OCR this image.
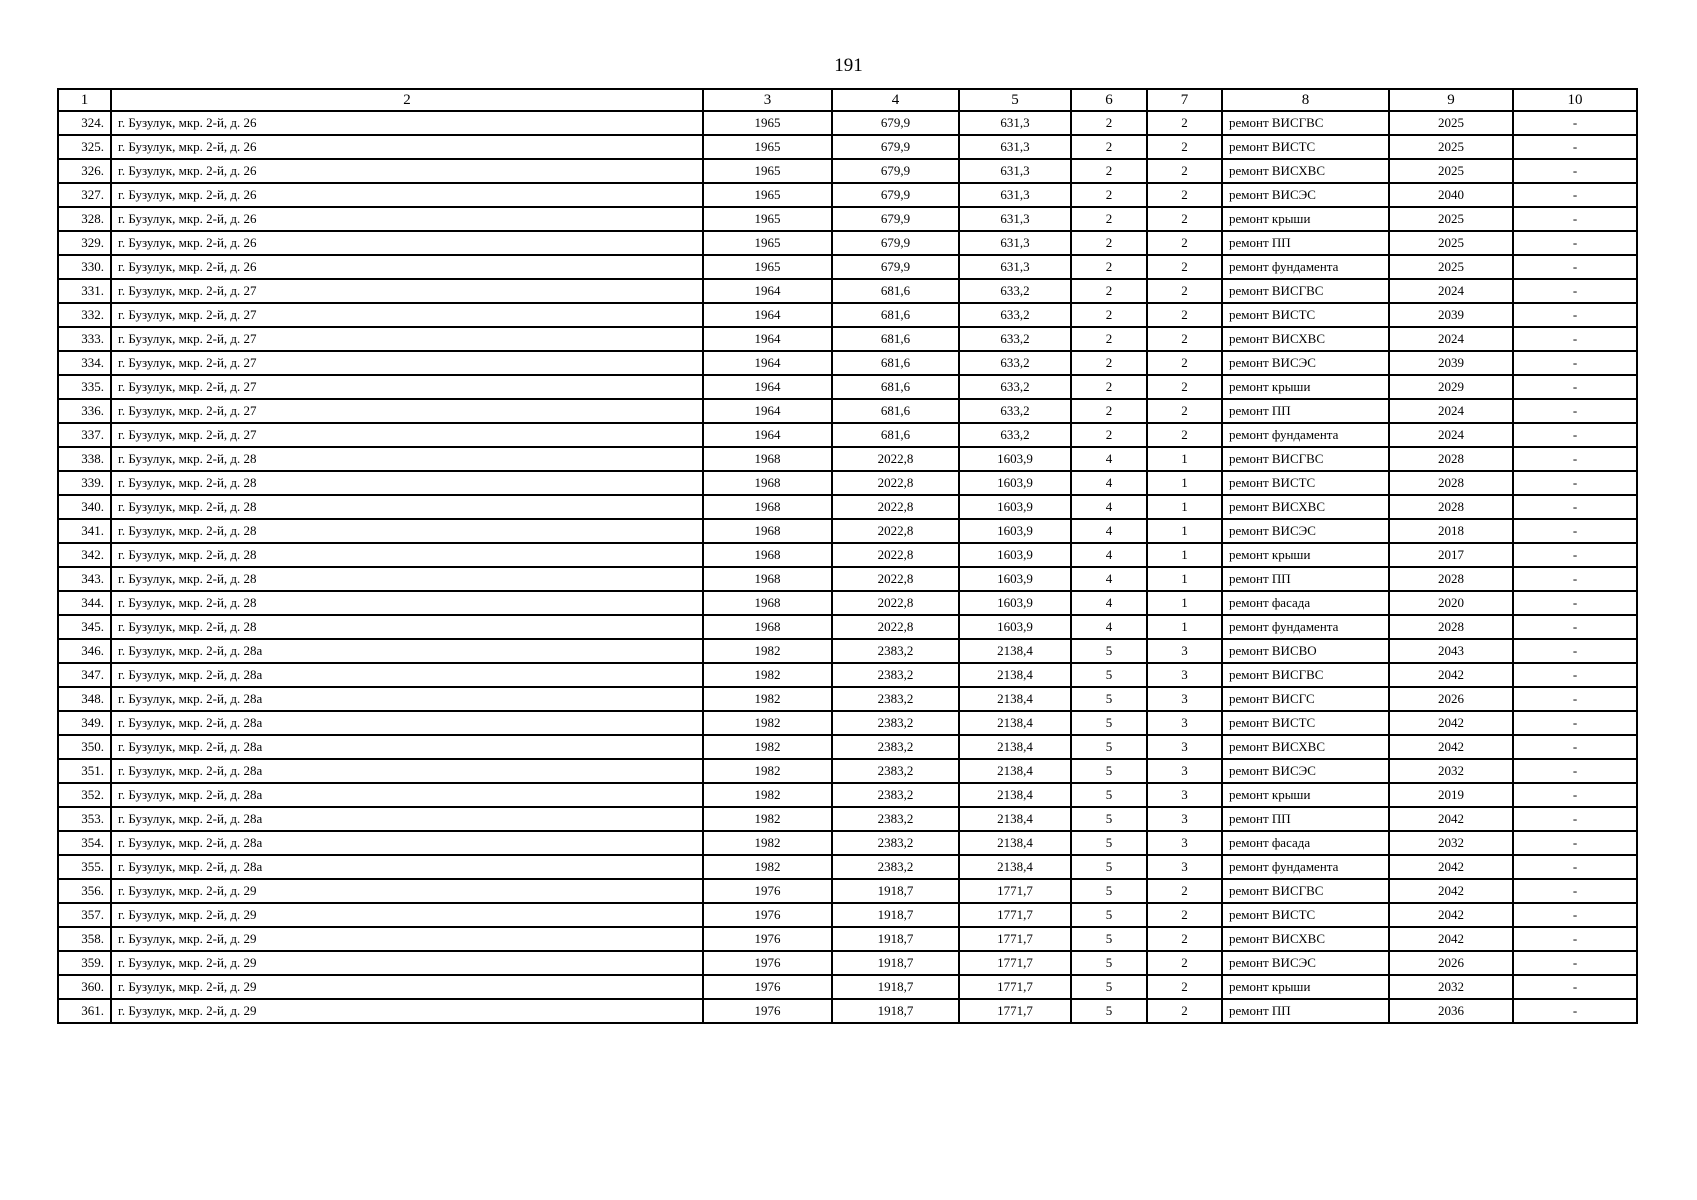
191
1	2	3	4	5	6	7	8	9	10
324.	г. Бузулук, мкр. 2-й, д. 26	1965	679,9	631,3	2	2	ремонт ВИСГВС	2025	-
325.	г. Бузулук, мкр. 2-й, д. 26	1965	679,9	631,3	2	2	ремонт ВИСТС	2025	-
326.	г. Бузулук, мкр. 2-й, д. 26	1965	679,9	631,3	2	2	ремонт ВИСХВС	2025	-
327.	г. Бузулук, мкр. 2-й, д. 26	1965	679,9	631,3	2	2	ремонт ВИСЭС	2040	-
328.	г. Бузулук, мкр. 2-й, д. 26	1965	679,9	631,3	2	2	ремонт крыши	2025	-
329.	г. Бузулук, мкр. 2-й, д. 26	1965	679,9	631,3	2	2	ремонт ПП	2025	-
330.	г. Бузулук, мкр. 2-й, д. 26	1965	679,9	631,3	2	2	ремонт фундамента	2025	-
331.	г. Бузулук, мкр. 2-й, д. 27	1964	681,6	633,2	2	2	ремонт ВИСГВС	2024	-
332.	г. Бузулук, мкр. 2-й, д. 27	1964	681,6	633,2	2	2	ремонт ВИСТС	2039	-
333.	г. Бузулук, мкр. 2-й, д. 27	1964	681,6	633,2	2	2	ремонт ВИСХВС	2024	-
334.	г. Бузулук, мкр. 2-й, д. 27	1964	681,6	633,2	2	2	ремонт ВИСЭС	2039	-
335.	г. Бузулук, мкр. 2-й, д. 27	1964	681,6	633,2	2	2	ремонт крыши	2029	-
336.	г. Бузулук, мкр. 2-й, д. 27	1964	681,6	633,2	2	2	ремонт ПП	2024	-
337.	г. Бузулук, мкр. 2-й, д. 27	1964	681,6	633,2	2	2	ремонт фундамента	2024	-
338.	г. Бузулук, мкр. 2-й, д. 28	1968	2022,8	1603,9	4	1	ремонт ВИСГВС	2028	-
339.	г. Бузулук, мкр. 2-й, д. 28	1968	2022,8	1603,9	4	1	ремонт ВИСТС	2028	-
340.	г. Бузулук, мкр. 2-й, д. 28	1968	2022,8	1603,9	4	1	ремонт ВИСХВС	2028	-
341.	г. Бузулук, мкр. 2-й, д. 28	1968	2022,8	1603,9	4	1	ремонт ВИСЭС	2018	-
342.	г. Бузулук, мкр. 2-й, д. 28	1968	2022,8	1603,9	4	1	ремонт крыши	2017	-
343.	г. Бузулук, мкр. 2-й, д. 28	1968	2022,8	1603,9	4	1	ремонт ПП	2028	-
344.	г. Бузулук, мкр. 2-й, д. 28	1968	2022,8	1603,9	4	1	ремонт фасада	2020	-
345.	г. Бузулук, мкр. 2-й, д. 28	1968	2022,8	1603,9	4	1	ремонт фундамента	2028	-
346.	г. Бузулук, мкр. 2-й, д. 28а	1982	2383,2	2138,4	5	3	ремонт ВИСВО	2043	-
347.	г. Бузулук, мкр. 2-й, д. 28а	1982	2383,2	2138,4	5	3	ремонт ВИСГВС	2042	-
348.	г. Бузулук, мкр. 2-й, д. 28а	1982	2383,2	2138,4	5	3	ремонт ВИСГС	2026	-
349.	г. Бузулук, мкр. 2-й, д. 28а	1982	2383,2	2138,4	5	3	ремонт ВИСТС	2042	-
350.	г. Бузулук, мкр. 2-й, д. 28а	1982	2383,2	2138,4	5	3	ремонт ВИСХВС	2042	-
351.	г. Бузулук, мкр. 2-й, д. 28а	1982	2383,2	2138,4	5	3	ремонт ВИСЭС	2032	-
352.	г. Бузулук, мкр. 2-й, д. 28а	1982	2383,2	2138,4	5	3	ремонт крыши	2019	-
353.	г. Бузулук, мкр. 2-й, д. 28а	1982	2383,2	2138,4	5	3	ремонт ПП	2042	-
354.	г. Бузулук, мкр. 2-й, д. 28а	1982	2383,2	2138,4	5	3	ремонт фасада	2032	-
355.	г. Бузулук, мкр. 2-й, д. 28а	1982	2383,2	2138,4	5	3	ремонт фундамента	2042	-
356.	г. Бузулук, мкр. 2-й, д. 29	1976	1918,7	1771,7	5	2	ремонт ВИСГВС	2042	-
357.	г. Бузулук, мкр. 2-й, д. 29	1976	1918,7	1771,7	5	2	ремонт ВИСТС	2042	-
358.	г. Бузулук, мкр. 2-й, д. 29	1976	1918,7	1771,7	5	2	ремонт ВИСХВС	2042	-
359.	г. Бузулук, мкр. 2-й, д. 29	1976	1918,7	1771,7	5	2	ремонт ВИСЭС	2026	-
360.	г. Бузулук, мкр. 2-й, д. 29	1976	1918,7	1771,7	5	2	ремонт крыши	2032	-
361.	г. Бузулук, мкр. 2-й, д. 29	1976	1918,7	1771,7	5	2	ремонт ПП	2036	-
